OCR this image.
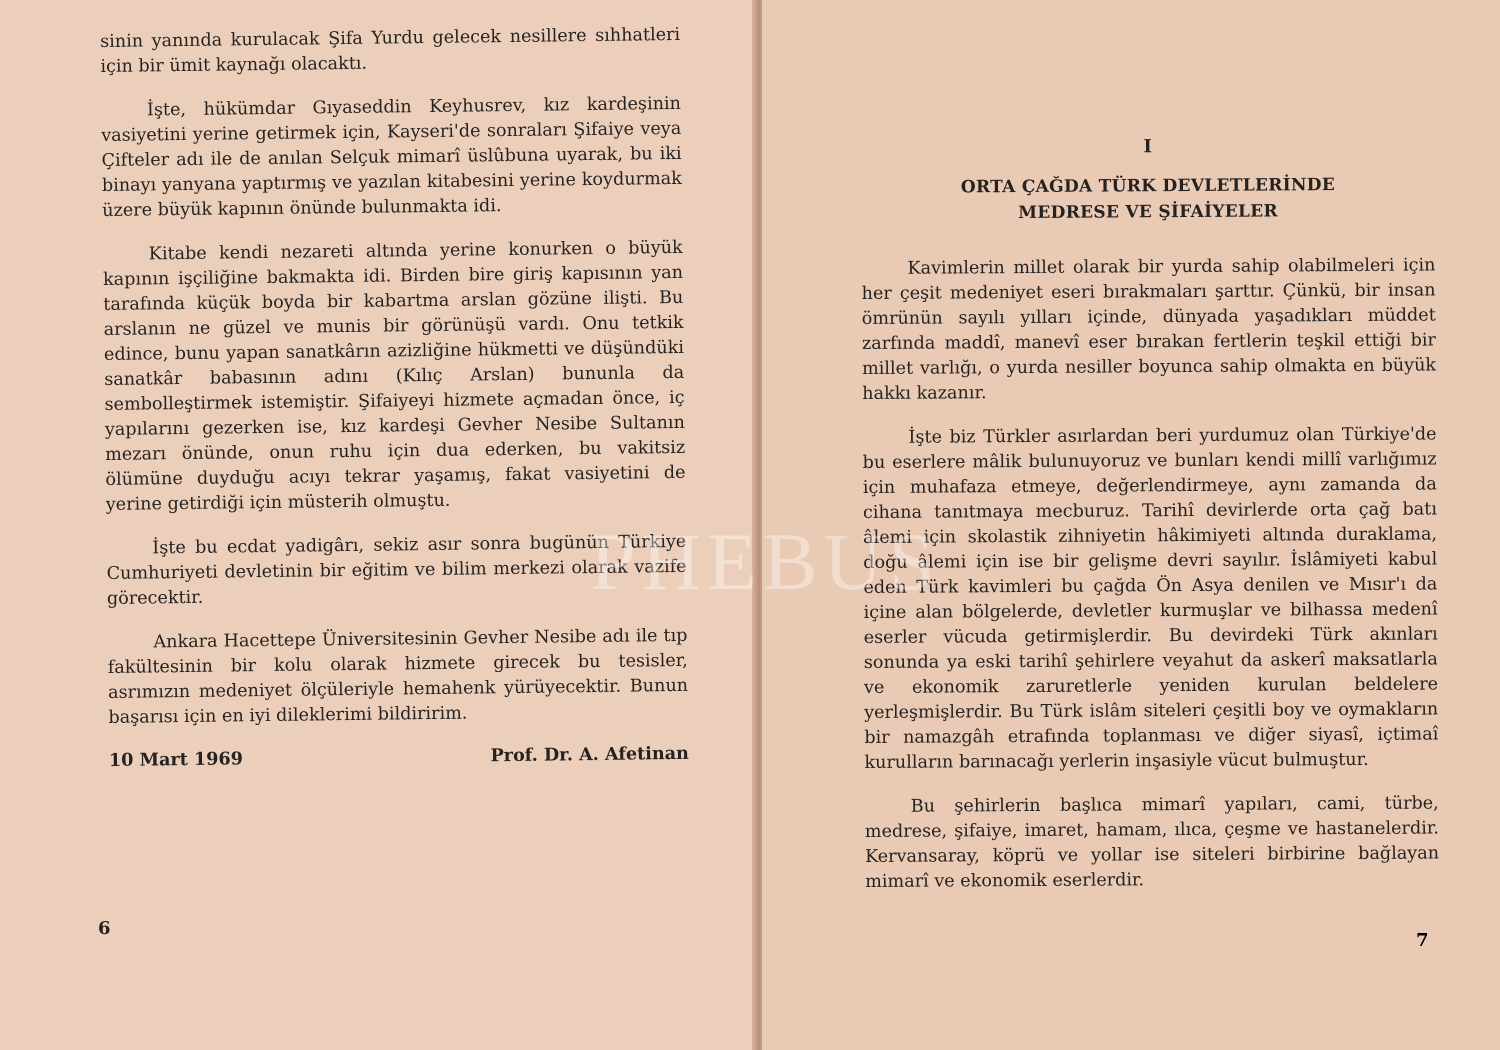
sinin yanında kurulacak Şifa Yurdu gelecek nesillere sıhhatleri için bir ümit kaynağı olacaktı.

İşte, hükümdar Gıyaseddin Keyhusrev, kız kardeşinin vasiyetini yerine getirmek için, Kayseri'de sonraları Şifaiye veya Çifteler adı ile de anılan Selçuk mimarî üslûbuna uyarak, bu iki binayı yanyana yaptırmış ve yazılan kitabesini yerine koydurmak üzere büyük kapının önünde bulunmakta idi.

Kitabe kendi nezareti altında yerine konurken o büyük kapının işçiliğine bakmakta idi. Birden bire giriş kapısının yan tarafında küçük boyda bir kabartma arslan gözüne ilişti. Bu arslanın ne güzel ve munis bir görünüşü vardı. Onu tetkik edince, bunu yapan sanatkârın azizliğine hükmetti ve düşündüki sanatkâr babasının adını (Kılıç Arslan) bununla da sembolleştirmek istemiştir. Şifaiyeyi hizmete açmadan önce, iç yapılarını gezerken ise, kız kardeşi Gevher Nesibe Sultanın mezarı önünde, onun ruhu için dua ederken, bu vakitsiz ölümüne duyduğu acıyı tekrar yaşamış, fakat vasiyetini de yerine getirdiği için müsterih olmuştu.

İşte bu ecdat yadigârı, sekiz asır sonra bugünün Türkiye Cumhuriyeti devletinin bir eğitim ve bilim merkezi olarak vazife görecektir.

Ankara Hacettepe Üniversitesinin Gevher Nesibe adı ile tıp fakültesinin bir kolu olarak hizmete girecek bu tesisler, asrımızın medeniyet ölçüleriyle hemahenk yürüyecektir. Bunun başarısı için en iyi dileklerimi bildiririm.

10 Mart 1969	Prof. Dr. A. Afetinan
6
I
ORTA ÇAĞDA TÜRK DEVLETLERİNDE
MEDRESE VE ŞİFAİYELER

Kavimlerin millet olarak bir yurda sahip olabilmeleri için her çeşit medeniyet eseri bırakmaları şarttır. Çünkü, bir insan ömrünün sayılı yılları içinde, dünyada yaşadıkları müddet zarfında maddî, manevî eser bırakan fertlerin teşkil ettiği bir millet varlığı, o yurda nesiller boyunca sahip olmakta en büyük hakkı kazanır.

İşte biz Türkler asırlardan beri yurdumuz olan Türkiye'de bu eserlere mâlik bulunuyoruz ve bunları kendi millî varlığımız için muhafaza etmeye, değerlendirmeye, aynı zamanda da cihana tanıtmaya mecburuz. Tarihî devirlerde orta çağ batı âlemi için skolastik zihniyetin hâkimiyeti altında duraklama, doğu âlemi için ise bir gelişme devri sayılır. İslâmiyeti kabul eden Türk kavimleri bu çağda Ön Asya denilen ve Mısır'ı da içine alan bölgelerde, devletler kurmuşlar ve bilhassa medenî eserler vücuda getirmişlerdir. Bu devirdeki Türk akınları sonunda ya eski tarihî şehirlere veyahut da askerî maksatlarla ve ekonomik zaruretlerle yeniden kurulan beldelere yerleşmişlerdir. Bu Türk islâm siteleri çeşitli boy ve oymakların bir namazgâh etrafında toplanması ve diğer siyasî, içtimaî kurulların barınacağı yerlerin inşasiyle vücut bulmuştur.

Bu şehirlerin başlıca mimarî yapıları, cami, türbe, medrese, şifaiye, imaret, hamam, ılıca, çeşme ve hastanelerdir. Kervansaray, köprü ve yollar ise siteleri birbirine bağlayan mimarî ve ekonomik eserlerdir.

7
PHEBUS
